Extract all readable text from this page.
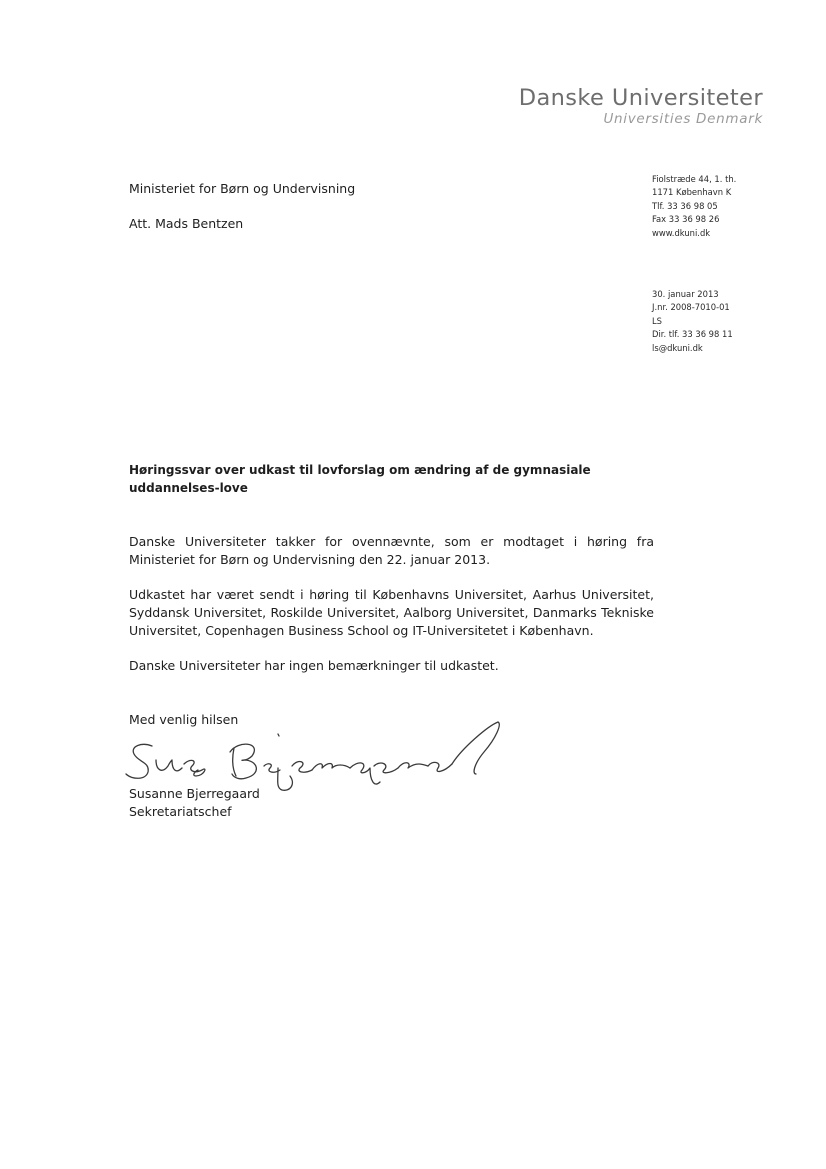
Danske Universiteter
Universities Denmark
Ministeriet for Børn og Undervisning
Att. Mads Bentzen
Fiolstræde 44, 1. th.
1171 København K
Tlf. 33 36 98 05
Fax 33 36 98 26
www.dkuni.dk
30. januar 2013
J.nr. 2008-7010-01
LS
Dir. tlf. 33 36 98 11
ls@dkuni.dk
Høringssvar over udkast til lovforslag om ændring af de gymnasiale uddannelses-love

Danske Universiteter takker for ovennævnte, som er modtaget i høring fra Ministeriet for Børn og Undervisning den 22. januar 2013.

Udkastet har været sendt i høring til Københavns Universitet, Aarhus Universitet, Syddansk Universitet, Roskilde Universitet, Aalborg Universitet, Danmarks Tekniske Universitet, Copenhagen Business School og IT-Universitetet i København.

Danske Universiteter har ingen bemærkninger til udkastet.

Med venlig hilsen
Susanne Bjerregaard
Sekretariatschef
